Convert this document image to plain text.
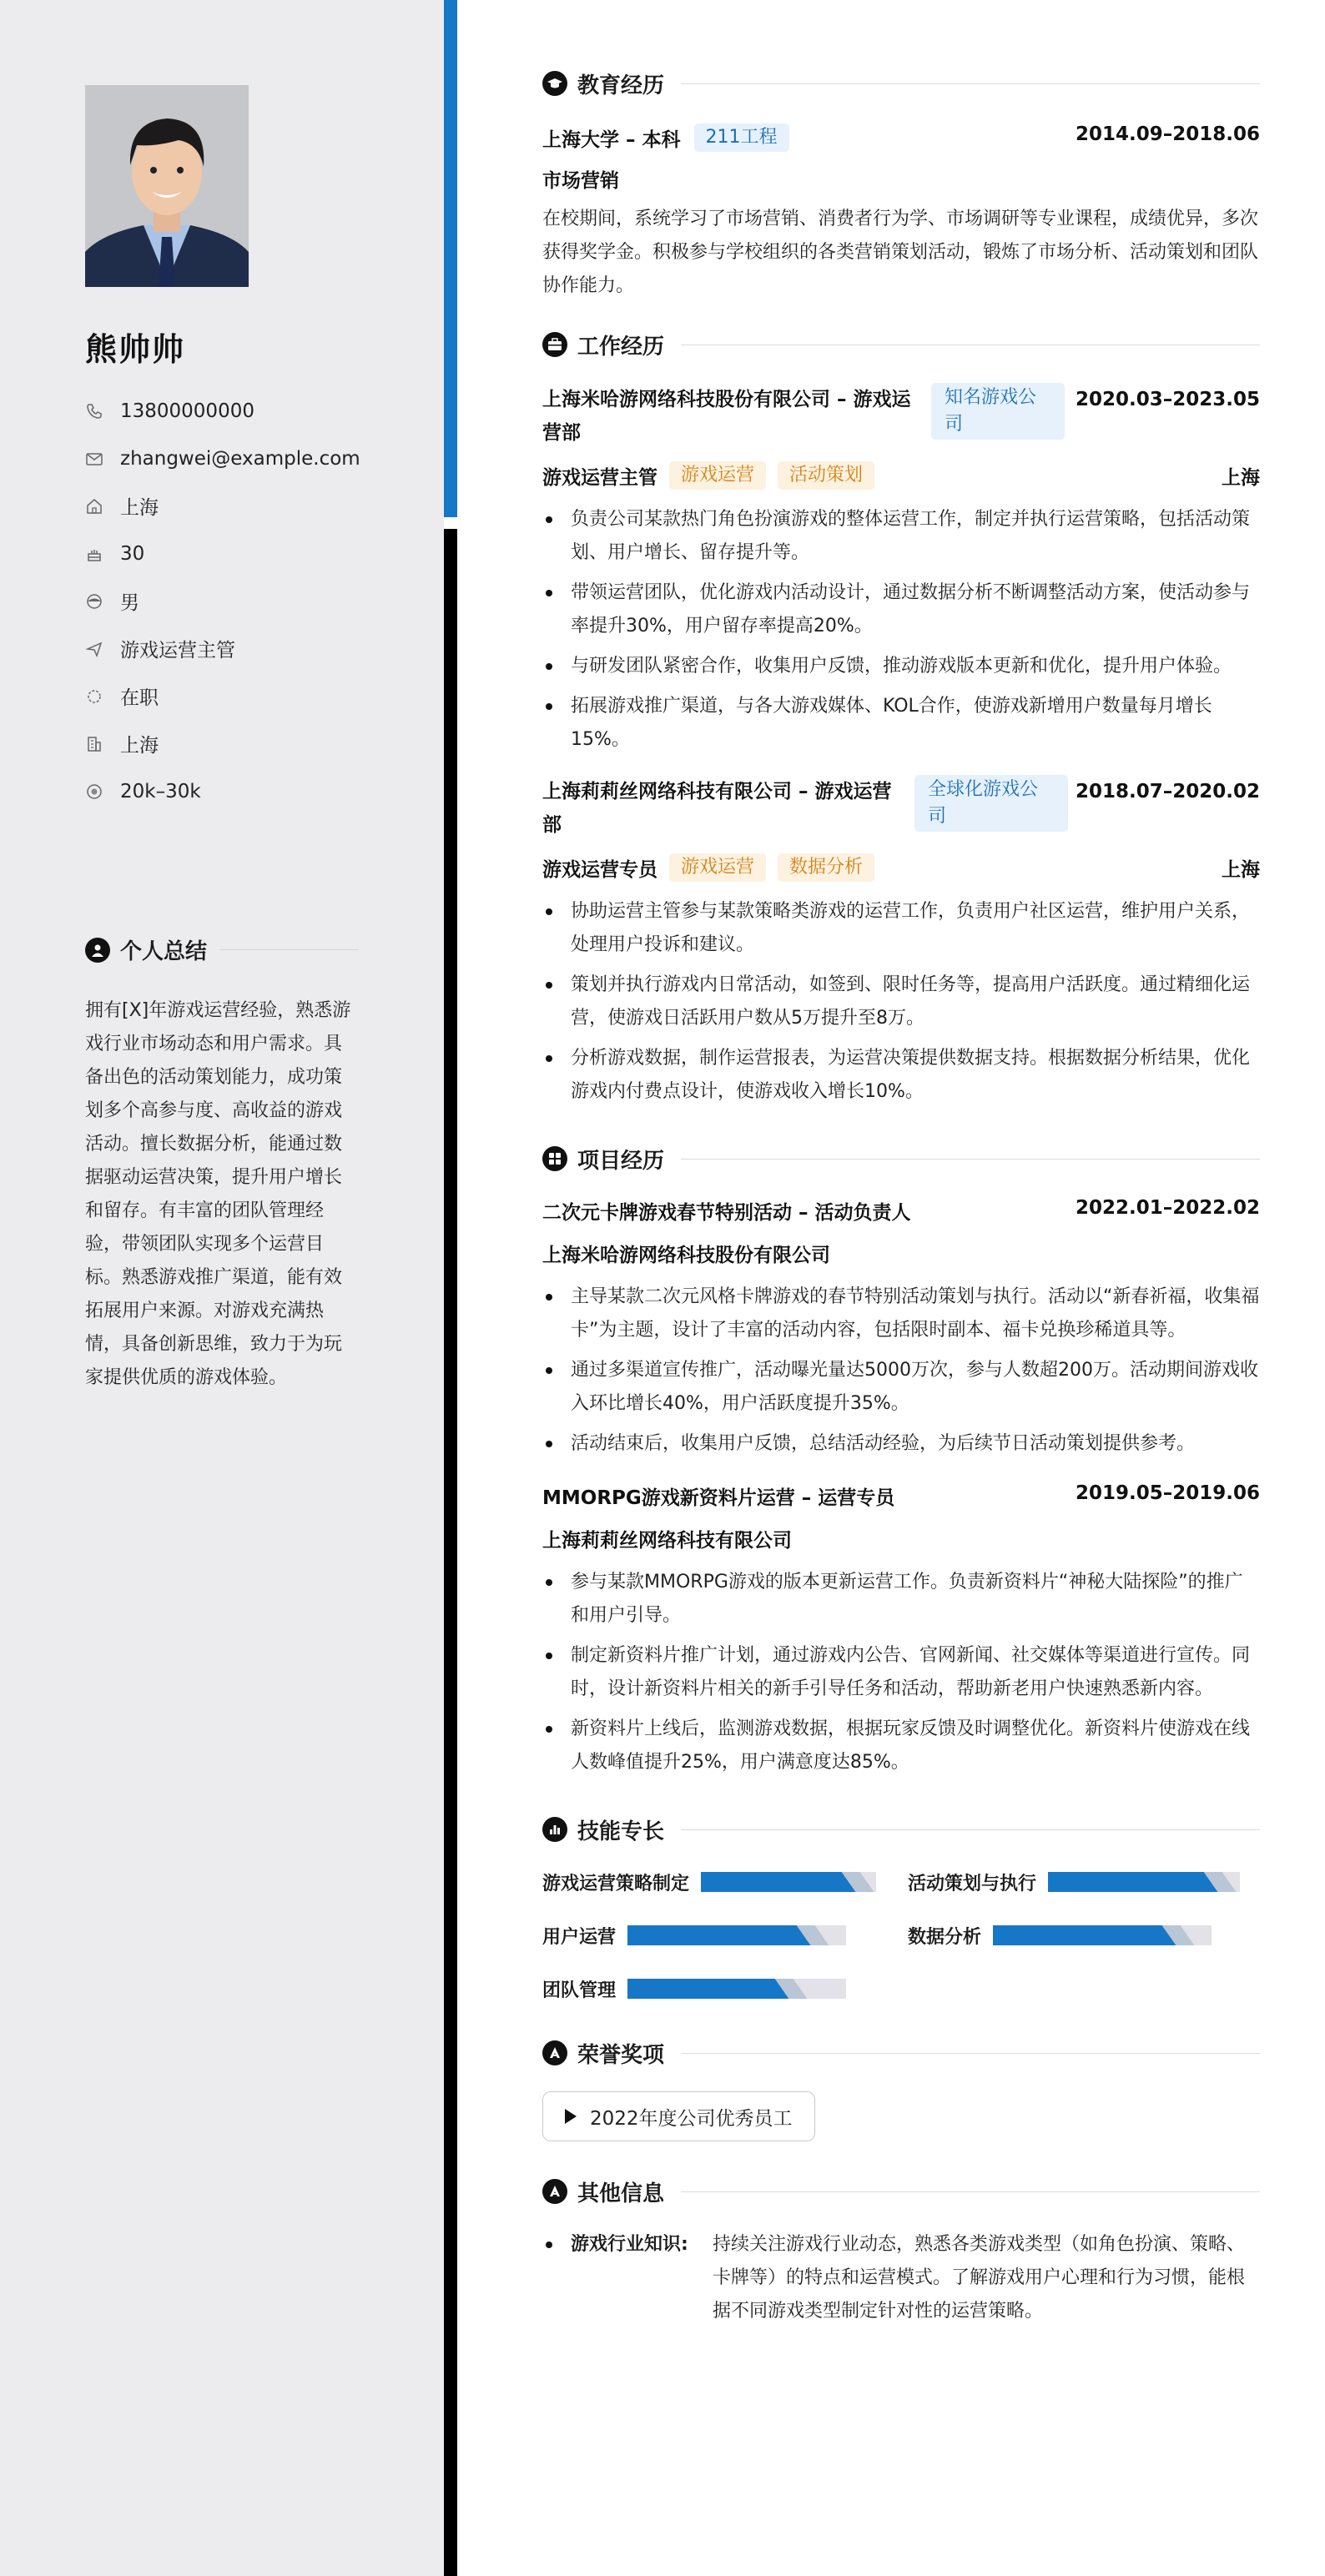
熊帅帅
13800000000
zhangwei@example.com
上海
30
男
游戏运营主管
在职
上海
20k–30k
个人总结
拥有[X]年游戏运营经验，熟悉游戏行业市场动态和用户需求。具备出色的活动策划能力，成功策划多个高参与度、高收益的游戏活动。擅长数据分析，能通过数据驱动运营决策，提升用户增长和留存。有丰富的团队管理经验，带领团队实现多个运营目标。熟悉游戏推广渠道，能有效拓展用户来源。对游戏充满热情，具备创新思维，致力于为玩家提供优质的游戏体验。
教育经历
上海大学 – 本科	211工程	2014.09–2018.06
市场营销
在校期间，系统学习了市场营销、消费者行为学、市场调研等专业课程，成绩优异，多次获得奖学金。积极参与学校组织的各类营销策划活动，锻炼了市场分析、活动策划和团队协作能力。
工作经历
上海米哈游网络科技股份有限公司 – 游戏运营部
知名游戏公司
2020.03–2023.05
游戏运营主管	游戏运营	活动策划	上海
负责公司某款热门角色扮演游戏的整体运营工作，制定并执行运营策略，包括活动策划、用户增长、留存提升等。
带领运营团队，优化游戏内活动设计，通过数据分析不断调整活动方案，使活动参与率提升30%，用户留存率提高20%。
与研发团队紧密合作，收集用户反馈，推动游戏版本更新和优化，提升用户体验。
拓展游戏推广渠道，与各大游戏媒体、KOL合作，使游戏新增用户数量每月增长15%。
上海莉莉丝网络科技有限公司 – 游戏运营部
全球化游戏公司
2018.07–2020.02
游戏运营专员	游戏运营	数据分析	上海
协助运营主管参与某款策略类游戏的运营工作，负责用户社区运营，维护用户关系，处理用户投诉和建议。
策划并执行游戏内日常活动，如签到、限时任务等，提高用户活跃度。通过精细化运营，使游戏日活跃用户数从5万提升至8万。
分析游戏数据，制作运营报表，为运营决策提供数据支持。根据数据分析结果，优化游戏内付费点设计，使游戏收入增长10%。
项目经历
二次元卡牌游戏春节特别活动 – 活动负责人	2022.01–2022.02
上海米哈游网络科技股份有限公司
主导某款二次元风格卡牌游戏的春节特别活动策划与执行。活动以“新春祈福，收集福卡”为主题，设计了丰富的活动内容，包括限时副本、福卡兑换珍稀道具等。
通过多渠道宣传推广，活动曝光量达5000万次，参与人数超200万。活动期间游戏收入环比增长40%，用户活跃度提升35%。
活动结束后，收集用户反馈，总结活动经验，为后续节日活动策划提供参考。
MMORPG游戏新资料片运营 – 运营专员	2019.05–2019.06
上海莉莉丝网络科技有限公司
参与某款MMORPG游戏的版本更新运营工作。负责新资料片“神秘大陆探险”的推广和用户引导。
制定新资料片推广计划，通过游戏内公告、官网新闻、社交媒体等渠道进行宣传。同时，设计新资料片相关的新手引导任务和活动，帮助新老用户快速熟悉新内容。
新资料片上线后，监测游戏数据，根据玩家反馈及时调整优化。新资料片使游戏在线人数峰值提升25%，用户满意度达85%。
技能专长
游戏运营策略制定	活动策划与执行
用户运营	数据分析
团队管理
荣誉奖项
2022年度公司优秀员工
其他信息
游戏行业知识:	持续关注游戏行业动态，熟悉各类游戏类型（如角色扮演、策略、卡牌等）的特点和运营模式。了解游戏用户心理和行为习惯，能根据不同游戏类型制定针对性的运营策略。
